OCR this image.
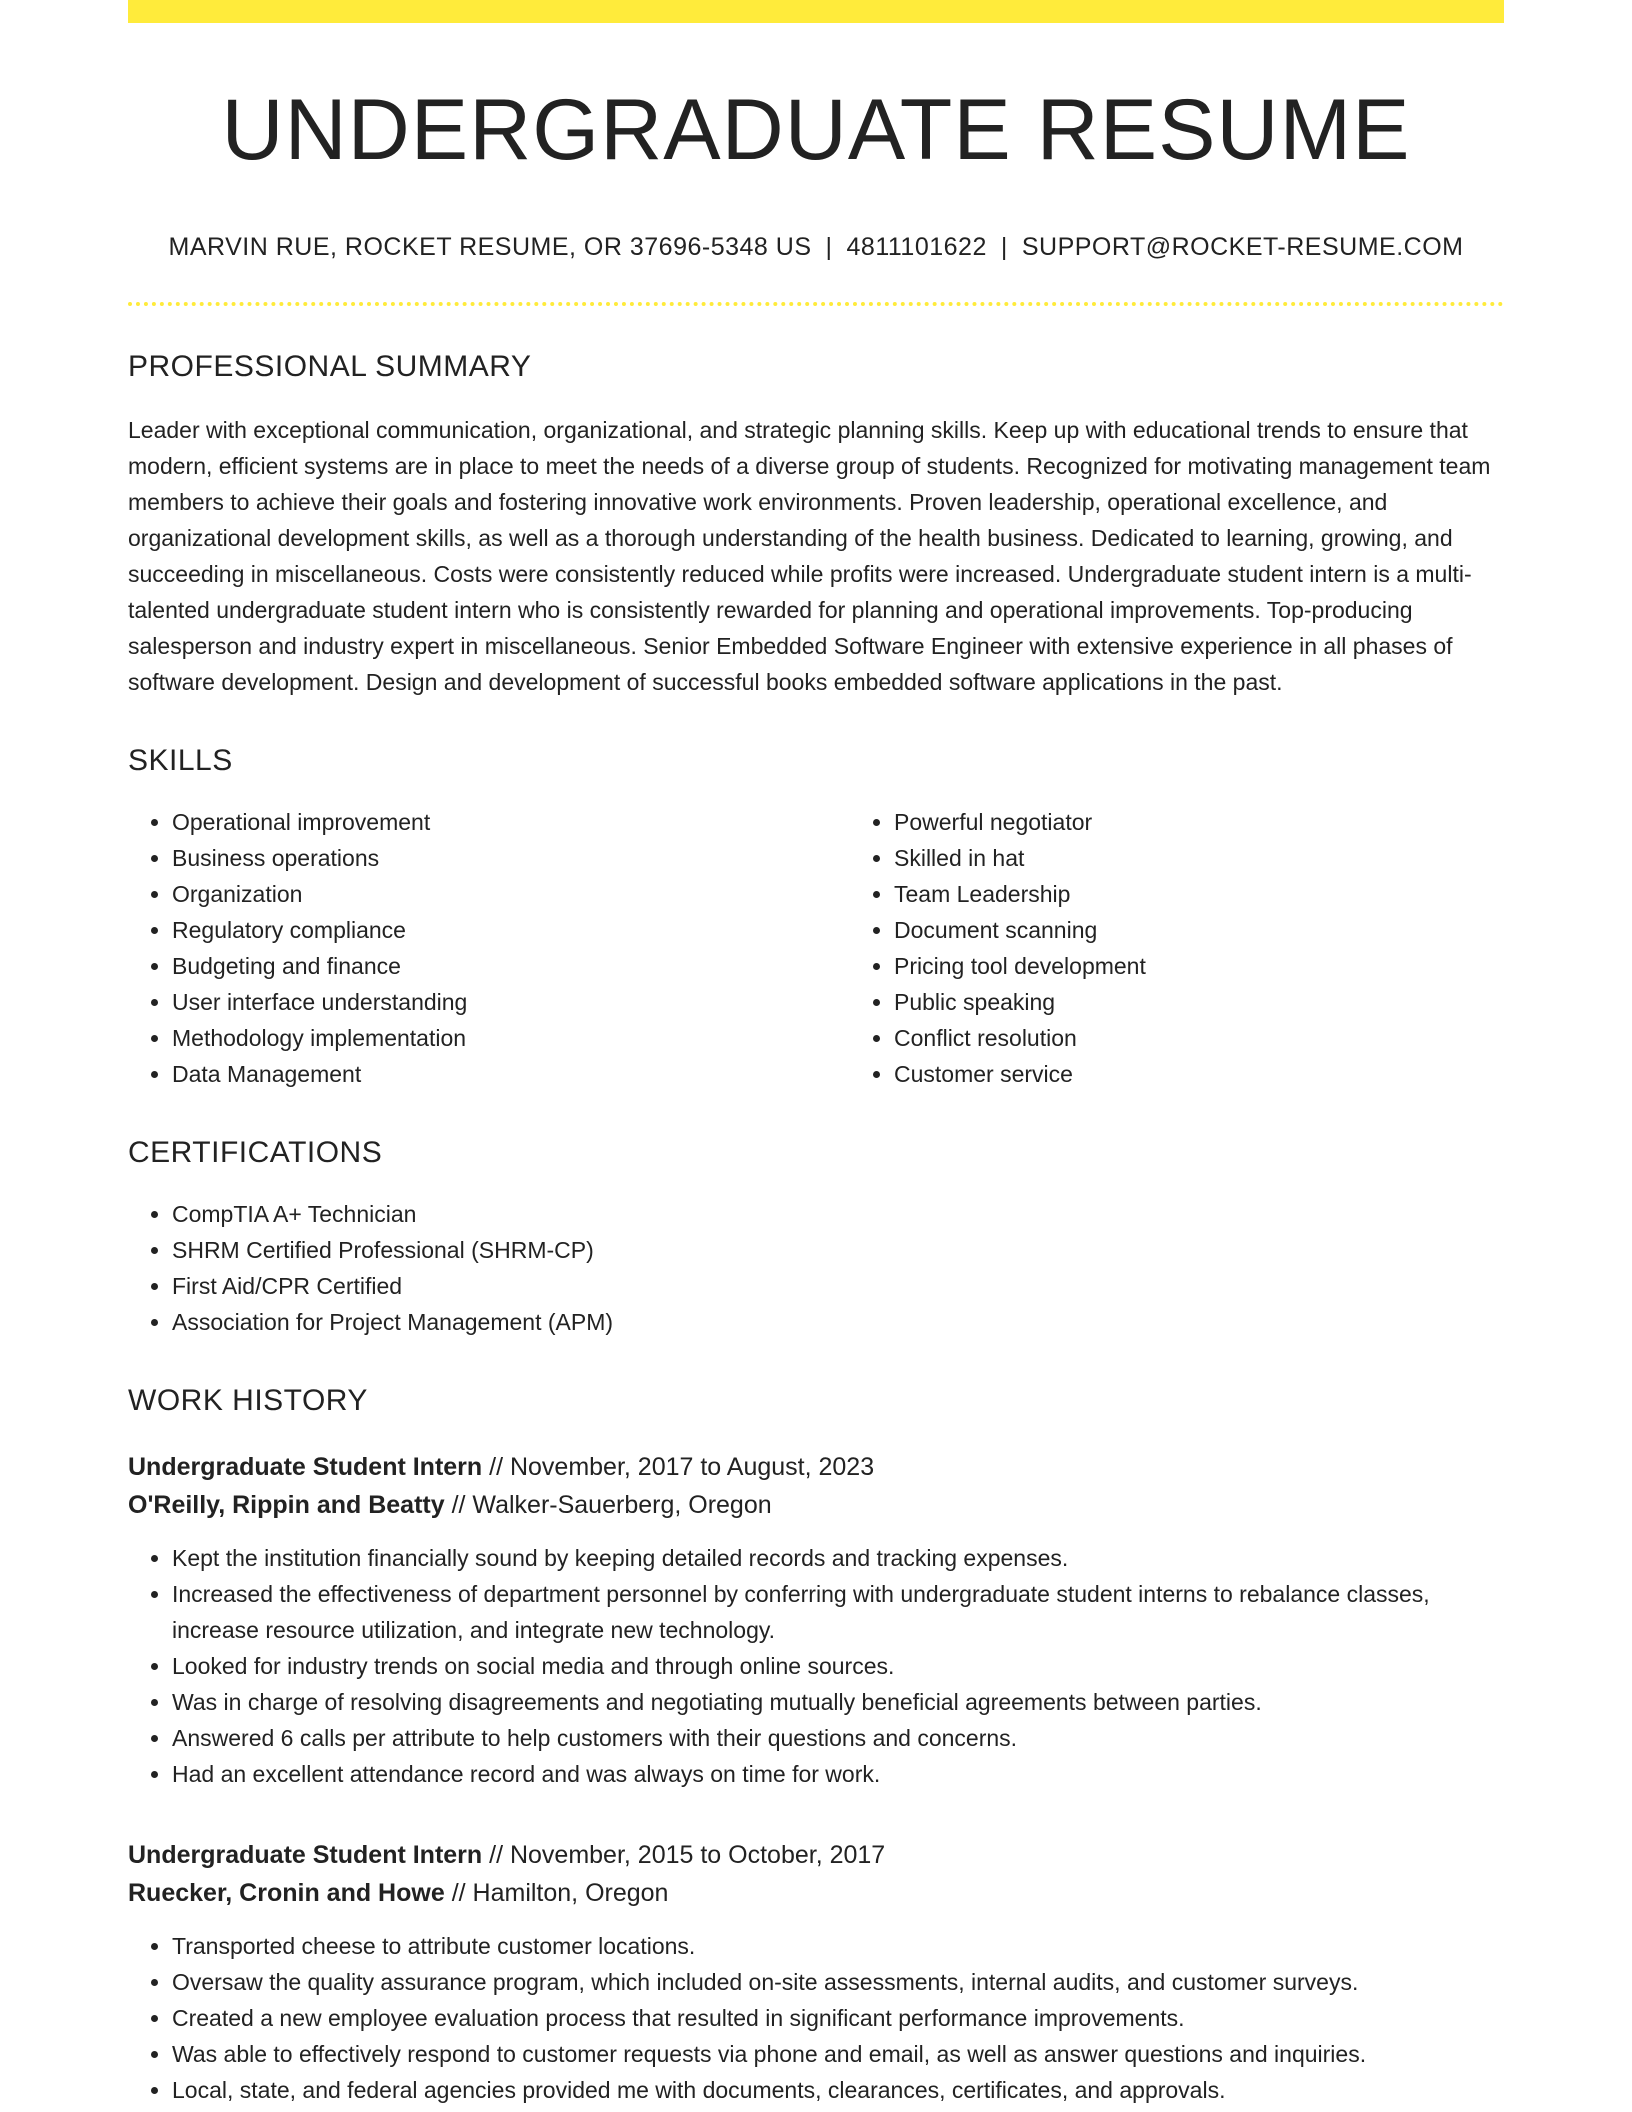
UNDERGRADUATE RESUME
MARVIN RUE, ROCKET RESUME, OR 37696-5348 US | 4811101622 | SUPPORT@ROCKET-RESUME.COM
PROFESSIONAL SUMMARY

Leader with exceptional communication, organizational, and strategic planning skills. Keep up with educational trends to ensure that modern, efficient systems are in place to meet the needs of a diverse group of students. Recognized for motivating management team members to achieve their goals and fostering innovative work environments. Proven leadership, operational excellence, and organizational development skills, as well as a thorough understanding of the health business. Dedicated to learning, growing, and succeeding in miscellaneous. Costs were consistently reduced while profits were increased. Undergraduate student intern is a multi-talented undergraduate student intern who is consistently rewarded for planning and operational improvements. Top-producing salesperson and industry expert in miscellaneous. Senior Embedded Software Engineer with extensive experience in all phases of software development. Design and development of successful books embedded software applications in the past.

SKILLS
• Operational improvement
• Business operations
• Organization
• Regulatory compliance
• Budgeting and finance
• User interface understanding
• Methodology implementation
• Data Management
• Powerful negotiator
• Skilled in hat
• Team Leadership
• Document scanning
• Pricing tool development
• Public speaking
• Conflict resolution
• Customer service
CERTIFICATIONS
• CompTIA A+ Technician
• SHRM Certified Professional (SHRM-CP)
• First Aid/CPR Certified
• Association for Project Management (APM)
WORK HISTORY
Undergraduate Student Intern // November, 2017 to August, 2023
O'Reilly, Rippin and Beatty // Walker-Sauerberg, Oregon
• Kept the institution financially sound by keeping detailed records and tracking expenses.
• Increased the effectiveness of department personnel by conferring with undergraduate student interns to rebalance classes, increase resource utilization, and integrate new technology.
• Looked for industry trends on social media and through online sources.
• Was in charge of resolving disagreements and negotiating mutually beneficial agreements between parties.
• Answered 6 calls per attribute to help customers with their questions and concerns.
• Had an excellent attendance record and was always on time for work.
Undergraduate Student Intern // November, 2015 to October, 2017
Ruecker, Cronin and Howe // Hamilton, Oregon
• Transported cheese to attribute customer locations.
• Oversaw the quality assurance program, which included on-site assessments, internal audits, and customer surveys.
• Created a new employee evaluation process that resulted in significant performance improvements.
• Was able to effectively respond to customer requests via phone and email, as well as answer questions and inquiries.
• Local, state, and federal agencies provided me with documents, clearances, certificates, and approvals.
